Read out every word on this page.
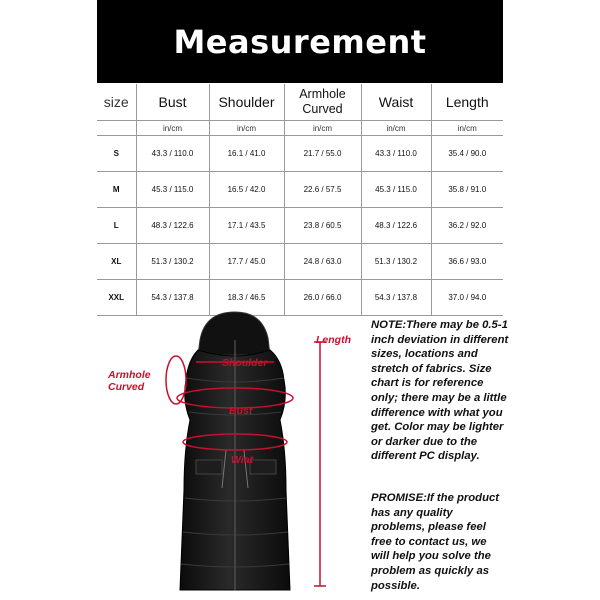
Measurement
size	Bust	Shoulder	Armhole Curved	Waist	Length
	in/cm	in/cm	in/cm	in/cm	in/cm
S	43.3 / 110.0	16.1 / 41.0	21.7 / 55.0	43.3 / 110.0	35.4 / 90.0
M	45.3 / 115.0	16.5 / 42.0	22.6 / 57.5	45.3 / 115.0	35.8 / 91.0
L	48.3 / 122.6	17.1 / 43.5	23.8 / 60.5	48.3 / 122.6	36.2 / 92.0
XL	51.3 / 130.2	17.7 / 45.0	24.8 / 63.0	51.3 / 130.2	36.6 / 93.0
XXL	54.3 / 137.8	18.3 / 46.5	26.0 / 66.0	54.3 / 137.8	37.0 / 94.0
Armhole Curved
Shoulder
Bust
Wiat
Length
NOTE:There may be 0.5-1 inch deviation in different sizes, locations and stretch of fabrics. Size chart is for reference only; there may be a little difference with what you get. Color may be lighter or darker due to the different PC display.
PROMISE:If the product has any quality problems, please feel free to contact us, we will help you solve the problem as quickly as possible.
